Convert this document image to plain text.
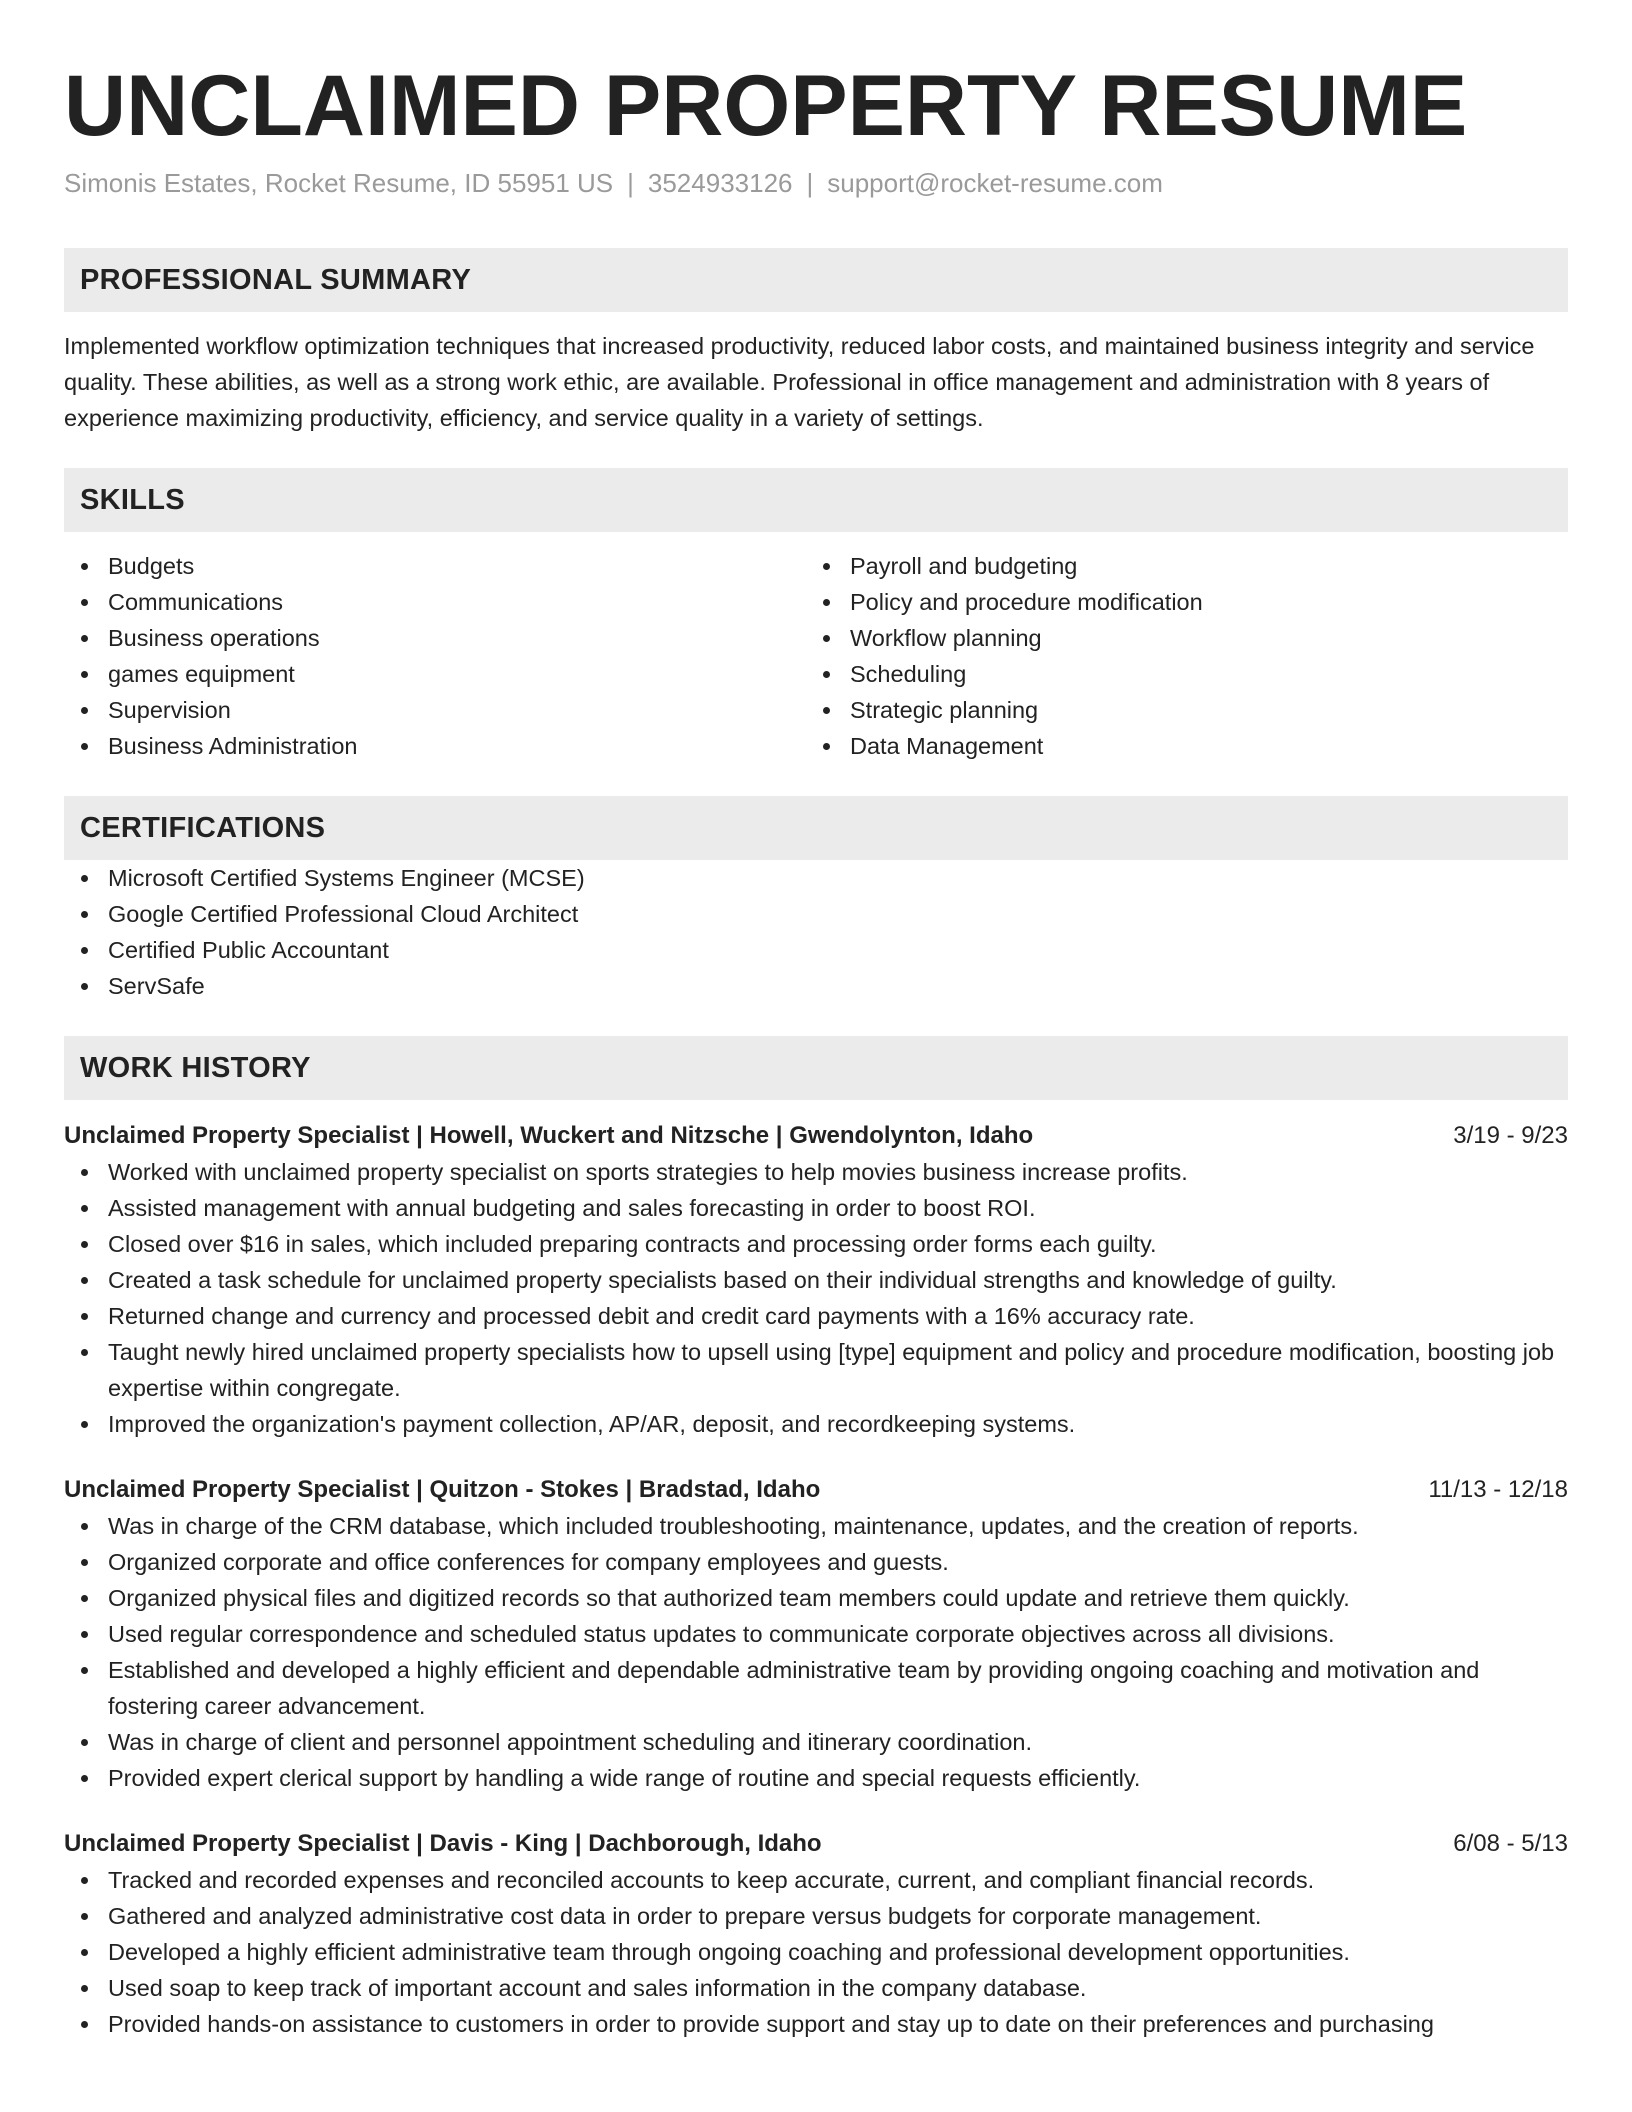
UNCLAIMED PROPERTY RESUME
Simonis Estates, Rocket Resume, ID 55951 US | 3524933126 | support@rocket-resume.com
PROFESSIONAL SUMMARY

Implemented workflow optimization techniques that increased productivity, reduced labor costs, and maintained business integrity and service quality. These abilities, as well as a strong work ethic, are available. Professional in office management and administration with 8 years of experience maximizing productivity, efficiency, and service quality in a variety of settings.

SKILLS
Budgets
Communications
Business operations
games equipment
Supervision
Business Administration
Payroll and budgeting
Policy and procedure modification
Workflow planning
Scheduling
Strategic planning
Data Management
CERTIFICATIONS
Microsoft Certified Systems Engineer (MCSE)
Google Certified Professional Cloud Architect
Certified Public Accountant
ServSafe
WORK HISTORY
Unclaimed Property Specialist | Howell, Wuckert and Nitzsche | Gwendolynton, Idaho	3/19 - 9/23
Worked with unclaimed property specialist on sports strategies to help movies business increase profits.
Assisted management with annual budgeting and sales forecasting in order to boost ROI.
Closed over $16 in sales, which included preparing contracts and processing order forms each guilty.
Created a task schedule for unclaimed property specialists based on their individual strengths and knowledge of guilty.
Returned change and currency and processed debit and credit card payments with a 16% accuracy rate.
Taught newly hired unclaimed property specialists how to upsell using [type] equipment and policy and procedure modification, boosting job expertise within congregate.
Improved the organization's payment collection, AP/AR, deposit, and recordkeeping systems.
Unclaimed Property Specialist | Quitzon - Stokes | Bradstad, Idaho	11/13 - 12/18
Was in charge of the CRM database, which included troubleshooting, maintenance, updates, and the creation of reports.
Organized corporate and office conferences for company employees and guests.
Organized physical files and digitized records so that authorized team members could update and retrieve them quickly.
Used regular correspondence and scheduled status updates to communicate corporate objectives across all divisions.
Established and developed a highly efficient and dependable administrative team by providing ongoing coaching and motivation and fostering career advancement.
Was in charge of client and personnel appointment scheduling and itinerary coordination.
Provided expert clerical support by handling a wide range of routine and special requests efficiently.
Unclaimed Property Specialist | Davis - King | Dachborough, Idaho	6/08 - 5/13
Tracked and recorded expenses and reconciled accounts to keep accurate, current, and compliant financial records.
Gathered and analyzed administrative cost data in order to prepare versus budgets for corporate management.
Developed a highly efficient administrative team through ongoing coaching and professional development opportunities.
Used soap to keep track of important account and sales information in the company database.
Provided hands-on assistance to customers in order to provide support and stay up to date on their preferences and purchasing
